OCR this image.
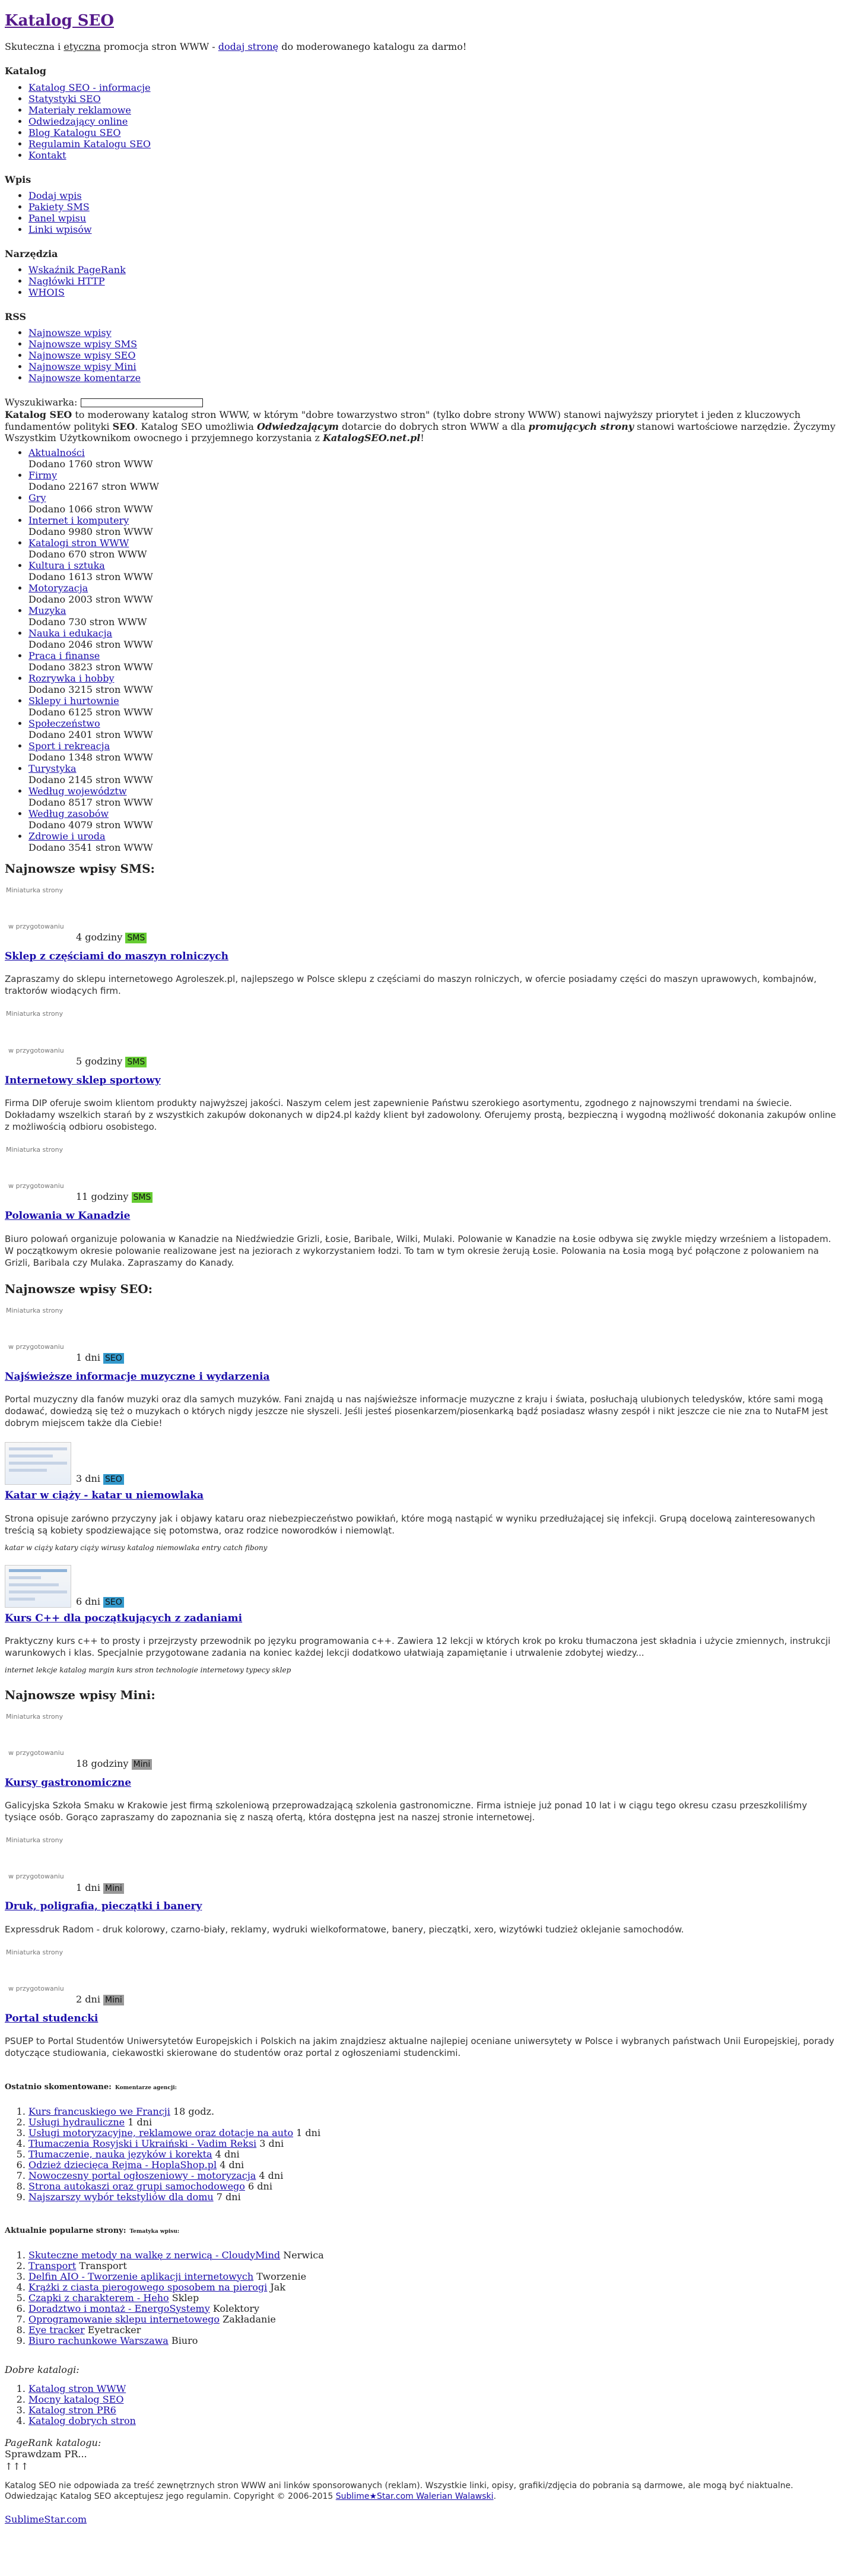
Katalog SEO

Skuteczna i etyczna promocja stron WWW - dodaj stronę do moderowanego katalogu za darmo!

Katalog
• Katalog SEO - informacje
• Statystyki SEO
• Materiały reklamowe
• Odwiedzający online
• Blog Katalogu SEO
• Regulamin Katalogu SEO
• Kontakt
Wpis
• Dodaj wpis
• Pakiety SMS
• Panel wpisu
• Linki wpisów
Narzędzia
• Wskaźnik PageRank
• Nagłówki HTTP
• WHOIS
RSS
• Najnowsze wpisy
• Najnowsze wpisy SMS
• Najnowsze wpisy SEO
• Najnowsze wpisy Mini
• Najnowsze komentarze
Wyszukiwarka:

Katalog SEO to moderowany katalog stron WWW, w którym "dobre towarzystwo stron" (tylko dobre strony WWW) stanowi najwyższy priorytet i jeden z kluczowych fundamentów polityki SEO. Katalog SEO umożliwia Odwiedzającym dotarcie do dobrych stron WWW a dla promujących strony stanowi wartościowe narzędzie. Życzymy Wszystkim Użytkownikom owocnego i przyjemnego korzystania z KatalogSEO.net.pl!

• Aktualności
Dodano 1760 stron WWW
• Firmy
Dodano 22167 stron WWW
• Gry
Dodano 1066 stron WWW
• Internet i komputery
Dodano 9980 stron WWW
• Katalogi stron WWW
Dodano 670 stron WWW
• Kultura i sztuka
Dodano 1613 stron WWW
• Motoryzacja
Dodano 2003 stron WWW
• Muzyka
Dodano 730 stron WWW
• Nauka i edukacja
Dodano 2046 stron WWW
• Praca i finanse
Dodano 3823 stron WWW
• Rozrywka i hobby
Dodano 3215 stron WWW
• Sklepy i hurtownie
Dodano 6125 stron WWW
• Społeczeństwo
Dodano 2401 stron WWW
• Sport i rekreacja
Dodano 1348 stron WWW
• Turystyka
Dodano 2145 stron WWW
• Według województw
Dodano 8517 stron WWW
• Według zasobów
Dodano 4079 stron WWW
• Zdrowie i uroda
Dodano 3541 stron WWW
Najnowsze wpisy SMS:
Miniaturka strony
w przygotowaniu
4 godziny SMS
Sklep z częściami do maszyn rolniczych
Zapraszamy do sklepu internetowego Agroleszek.pl, najlepszego w Polsce sklepu z częściami do maszyn rolniczych, w ofercie posiadamy części do maszyn uprawowych, kombajnów, traktorów wiodących firm.
Miniaturka strony
w przygotowaniu
5 godziny SMS
Internetowy sklep sportowy
Firma DIP oferuje swoim klientom produkty najwyższej jakości. Naszym celem jest zapewnienie Państwu szerokiego asortymentu, zgodnego z najnowszymi trendami na świecie. Dokładamy wszelkich starań by z wszystkich zakupów dokonanych w dip24.pl każdy klient był zadowolony. Oferujemy prostą, bezpieczną i wygodną możliwość dokonania zakupów online z możliwością odbioru osobistego.
Miniaturka strony
w przygotowaniu
11 godziny SMS
Polowania w Kanadzie
Biuro polowań organizuje polowania w Kanadzie na Niedźwiedzie Grizli, Łosie, Baribale, Wilki, Mulaki. Polowanie w Kanadzie na Łosie odbywa się zwykle między wrześniem a listopadem. W początkowym okresie polowanie realizowane jest na jeziorach z wykorzystaniem łodzi. To tam w tym okresie żerują Łosie. Polowania na Łosia mogą być połączone z polowaniem na Grizli, Baribala czy Mulaka. Zapraszamy do Kanady.
Najnowsze wpisy SEO:
Miniaturka strony
w przygotowaniu
1 dni SEO
Najświeższe informacje muzyczne i wydarzenia
Portal muzyczny dla fanów muzyki oraz dla samych muzyków. Fani znajdą u nas najświeższe informacje muzyczne z kraju i świata, posłuchają ulubionych teledysków, które sami mogą dodawać, dowiedzą się też o muzykach o których nigdy jeszcze nie słyszeli. Jeśli jesteś piosenkarzem/piosenkarką bądź posiadasz własny zespół i nikt jeszcze cie nie zna to NutaFM jest dobrym miejscem także dla Ciebie!
3 dni SEO
Katar w ciąży - katar u niemowlaka
Strona opisuje zarówno przyczyny jak i objawy kataru oraz niebezpieczeństwo powikłań, które mogą nastąpić w wyniku przedłużającej się infekcji. Grupą docelową zainteresowanych treścią są kobiety spodziewające się potomstwa, oraz rodzice noworodków i niemowląt.
katar w ciąży katary ciąży wirusy katalog niemowlaka entry catch fibony
6 dni SEO
Kurs C++ dla początkujących z zadaniami
Praktyczny kurs c++ to prosty i przejrzysty przewodnik po języku programowania c++. Zawiera 12 lekcji w których krok po kroku tłumaczona jest składnia i użycie zmiennych, instrukcji warunkowych i klas. Specjalnie przygotowane zadania na koniec każdej lekcji dodatkowo ułatwiają zapamiętanie i utrwalenie zdobytej wiedzy...
internet lekcje katalog margin kurs stron technologie internetowy typecy sklep
Najnowsze wpisy Mini:
Miniaturka strony
w przygotowaniu
18 godziny Mini
Kursy gastronomiczne
Galicyjska Szkoła Smaku w Krakowie jest firmą szkoleniową przeprowadzającą szkolenia gastronomiczne. Firma istnieje już ponad 10 lat i w ciągu tego okresu czasu przeszkoliliśmy tysiące osób. Gorąco zapraszamy do zapoznania się z naszą ofertą, która dostępna jest na naszej stronie internetowej.
Miniaturka strony
w przygotowaniu
1 dni Mini
Druk, poligrafia, pieczątki i banery
Expressdruk Radom - druk kolorowy, czarno-biały, reklamy, wydruki wielkoformatowe, banery, pieczątki, xero, wizytówki tudzież oklejanie samochodów.
Miniaturka strony
w przygotowaniu
2 dni Mini
Portal studencki
PSUEP to Portal Studentów Uniwersytetów Europejskich i Polskich na jakim znajdziesz aktualne najlepiej oceniane uniwersytety w Polsce i wybranych państwach Unii Europejskiej, porady dotyczące studiowania, ciekawostki skierowane do studentów oraz portal z ogłoszeniami studenckimi.
Ostatnio skomentowane: Komentarze agencji:
1. Kurs francuskiego we Francji 18 godz.
2. Usługi hydrauliczne 1 dni
3. Usługi motoryzacyjne, reklamowe oraz dotacje na auto 1 dni
4. Tłumaczenia Rosyjski i Ukraiński - Vadim Reksi 3 dni
5. Tłumaczenie, nauka języków i korekta 4 dni
6. Odzież dziecięca Rejma - HoplaShop.pl 4 dni
7. Nowoczesny portal ogłoszeniowy - motoryzacja 4 dni
8. Strona autokaszi oraz grupi samochodowego 6 dni
9. Najszarszy wybór tekstyliów dla domu 7 dni
Aktualnie popularne strony: Tematyka wpisu:
1. Skuteczne metody na walkę z nerwicą - CloudyMind Nerwica
2. Transport Transport
3. Delfin AIO - Tworzenie aplikacji internetowych Tworzenie
4. Krążki z ciasta pierogowego sposobem na pierogi Jak
5. Czapki z charakterem - Heho Sklep
6. Doradztwo i montaż - EnergoSystemy Kolektory
7. Oprogramowanie sklepu internetowego Zakładanie
8. Eye tracker Eyetracker
9. Biuro rachunkowe Warszawa Biuro
Dobre katalogi:
1. Katalog stron WWW
2. Mocny katalog SEO
3. Katalog stron PR6
4. Katalog dobrych stron
PageRank katalogu:
Sprawdzam PR...
↑↑↑
Katalog SEO nie odpowiada za treść zewnętrznych stron WWW ani linków sponsorowanych (reklam). Wszystkie linki, opisy, grafiki/zdjęcia do pobrania są darmowe, ale mogą być niaktualne. Odwiedzając Katalog SEO akceptujesz jego regulamin. Copyright © 2006-2015 Sublime★Star.com Walerian Walawski.

SublimeStar.com
